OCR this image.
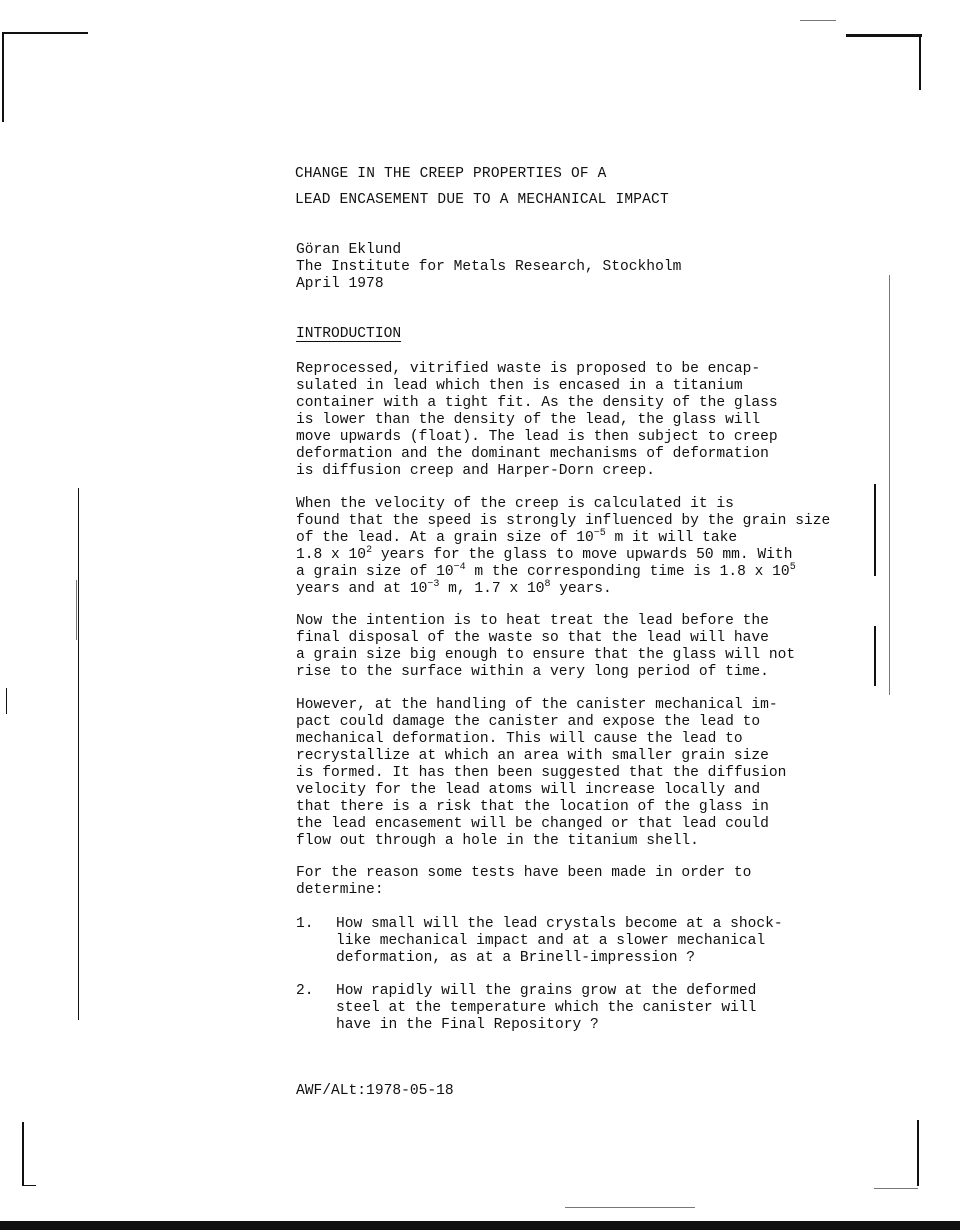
CHANGE IN THE CREEP PROPERTIES OF A
LEAD ENCASEMENT DUE TO A MECHANICAL IMPACT
Göran Eklund
The Institute for Metals Research, Stockholm
April 1978
INTRODUCTION
Reprocessed, vitrified waste is proposed to be encap-
sulated in lead which then is encased in a titanium
container with a tight fit. As the density of the glass
is lower than the density of the lead, the glass will
move upwards (float). The lead is then subject to creep
deformation and the dominant mechanisms of deformation
is diffusion creep and Harper-Dorn creep.
When the velocity of the creep is calculated it is
found that the speed is strongly influenced by the grain size
of the lead. At a grain size of $10^{-5}$ m it will take
1.8 x $10^2$ years for the glass to move upwards 50 mm. With
a grain size of $10^{-4}$ m the corresponding time is 1.8 x $10^5$
years and at $10^{-3}$ m, 1.7 x $10^8$ years.
Now the intention is to heat treat the lead before the
final disposal of the waste so that the lead will have
a grain size big enough to ensure that the glass will not
rise to the surface within a very long period of time.
However, at the handling of the canister mechanical im-
pact could damage the canister and expose the lead to
mechanical deformation. This will cause the lead to
recrystallize at which an area with smaller grain size
is formed. It has then been suggested that the diffusion
velocity for the lead atoms will increase locally and
that there is a risk that the location of the glass in
the lead encasement will be changed or that lead could
flow out through a hole in the titanium shell.
For the reason some tests have been made in order to
determine:
1. How small will the lead crystals become at a shock-
like mechanical impact and at a slower mechanical
deformation, as at a Brinell-impression ?
2. How rapidly will the grains grow at the deformed
steel at the temperature which the canister will
have in the Final Repository ?
AWF/ALt:1978-05-18
